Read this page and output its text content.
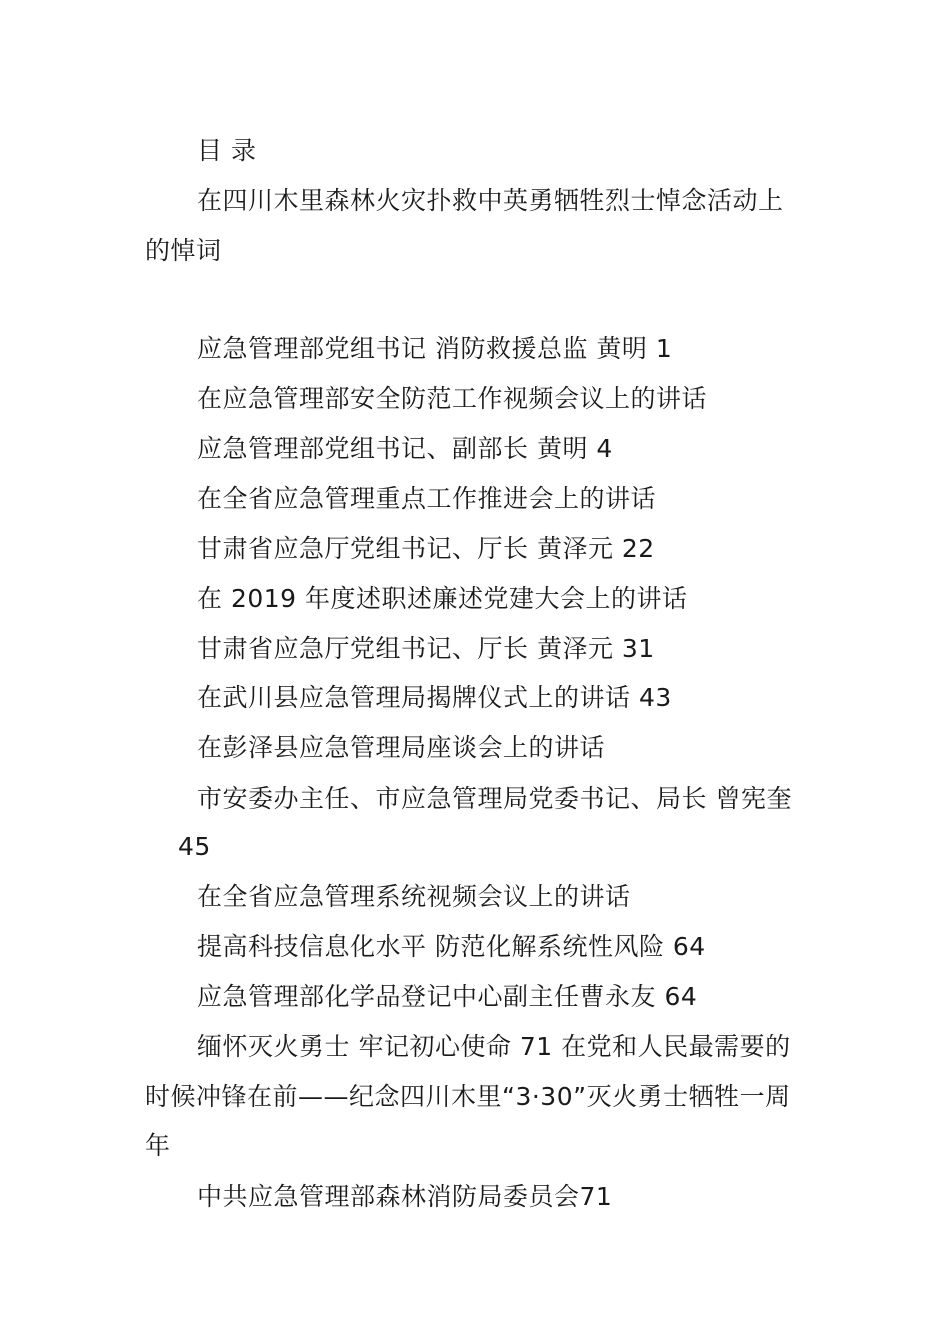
目 录
在四川木里森林火灾扑救中英勇牺牲烈士悼念活动上
的悼词
应急管理部党组书记 消防救援总监 黄明 1
在应急管理部安全防范工作视频会议上的讲话
应急管理部党组书记、副部长 黄明 4
在全省应急管理重点工作推进会上的讲话
甘肃省应急厅党组书记、厅长 黄泽元 22
在 2019 年度述职述廉述党建大会上的讲话
甘肃省应急厅党组书记、厅长 黄泽元 31
在武川县应急管理局揭牌仪式上的讲话 43
在彭泽县应急管理局座谈会上的讲话
市安委办主任、市应急管理局党委书记、局长 曾宪奎
45
在全省应急管理系统视频会议上的讲话
提高科技信息化水平 防范化解系统性风险 64
应急管理部化学品登记中心副主任曹永友 64
缅怀灭火勇士 牢记初心使命 71 在党和人民最需要的
时候冲锋在前——纪念四川木里“3·30”灭火勇士牺牲一周
年
中共应急管理部森林消防局委员会71
